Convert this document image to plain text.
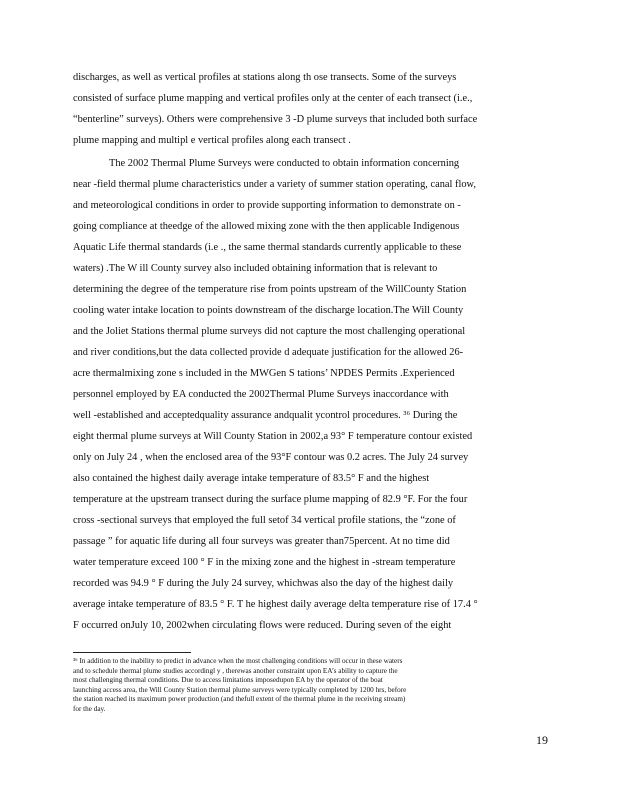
discharges, as well as vertical profiles at stations along th ose transects. Some of the surveys
consisted of surface plume mapping and vertical profiles only at the center of each transect (i.e.,
“benterline” surveys). Others were comprehensive 3 -D plume surveys that included both surface
plume mapping and multipl e vertical profiles along each transect .
The 2002 Thermal Plume Surveys were conducted to obtain information concerning
near -field thermal plume characteristics under a variety of summer station operating, canal flow,
and meteorological conditions in order to provide supporting information to demonstrate on -
going compliance at theedge of the allowed mixing zone with the then applicable Indigenous
Aquatic Life thermal standards (i.e ., the same thermal standards currently applicable to these
waters) .The W ill County survey also included obtaining information that is relevant to
determining the degree of the temperature rise from points upstream of the WillCounty Station
cooling water intake location to points downstream of the discharge location.The Will County
and the Joliet Stations thermal plume surveys did not capture the most challenging operational
and river conditions,but the data collected provide d adequate justification for the allowed 26-
acre thermalmixing zone s included in the MWGen S tations’ NPDES Permits .Experienced
personnel employed by EA conducted the 2002Thermal Plume Surveys inaccordance with
well -established and acceptedquality assurance andqualit ycontrol procedures. ³⁶ During the
eight thermal plume surveys at Will County Station in 2002,a 93° F temperature contour existed
only on July 24 , when the enclosed area of the 93°F contour was 0.2 acres. The July 24 survey
also contained the highest daily average intake temperature of 83.5° F and the highest
temperature at the upstream transect during the surface plume mapping of 82.9 °F. For the four
cross -sectional surveys that employed the full setof 34 vertical profile stations, the “zone of
passage ” for aquatic life during all four surveys was greater than75percent. At no time did
water temperature exceed 100 ° F in the mixing zone and the highest in -stream temperature
recorded was 94.9 ° F during the July 24 survey, whichwas also the day of the highest daily
average intake temperature of 83.5 ° F. T he highest daily average delta temperature rise of 17.4 °
F occurred onJuly 10, 2002when circulating flows were reduced. During seven of the eight
³⁶ In addition to the inability to predict in advance when the most challenging conditions will occur in these waters
and to schedule thermal plume studies accordingl y , therewas another constraint upon EA’s ability to capture the
most challenging thermal conditions. Due to access limitations imposedupon EA by the operator of the boat
launching access area, the Will County Station thermal plume surveys were typically completed by 1200 hrs, before
the station reached its maximum power production (and thefull extent of the thermal plume in the receiving stream)
for the day.
19
